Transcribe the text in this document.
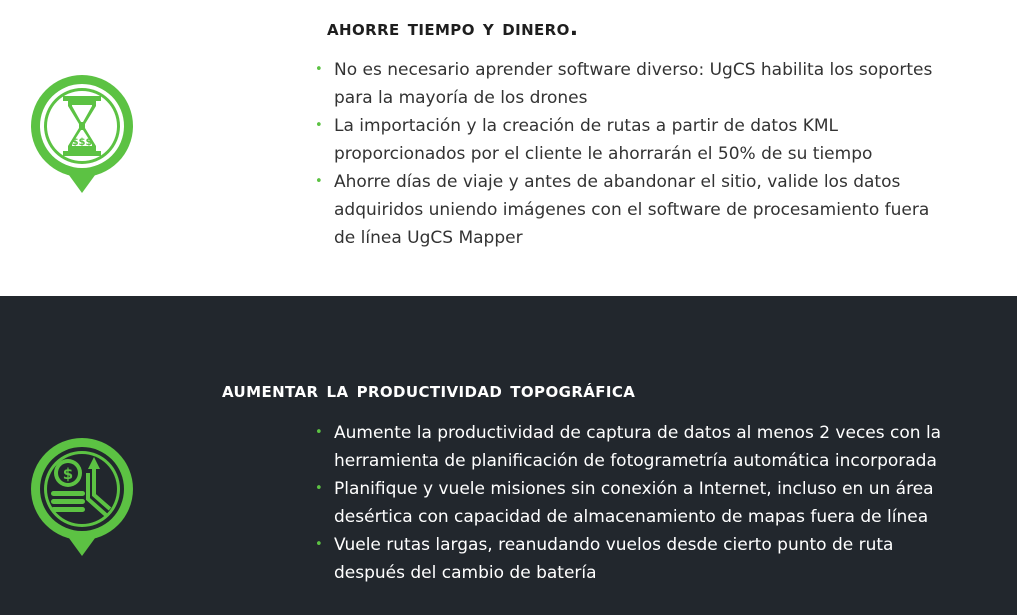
$$$
ahorre tiempo y dinero.
• No es necesario aprender software diverso: UgCS habilita los soportes para la mayoría de los drones
• La importación y la creación de rutas a partir de datos KML proporcionados por el cliente le ahorrarán el 50% de su tiempo
• Ahorre días de viaje y antes de abandonar el sitio, valide los datos adquiridos uniendo imágenes con el software de procesamiento fuera de línea UgCS Mapper
$
aumentar la productividad topográfica
• Aumente la productividad de captura de datos al menos 2 veces con la herramienta de planificación de fotogrametría automática incorporada
• Planifique y vuele misiones sin conexión a Internet, incluso en un área desértica con capacidad de almacenamiento de mapas fuera de línea
• Vuele rutas largas, reanudando vuelos desde cierto punto de ruta después del cambio de batería
